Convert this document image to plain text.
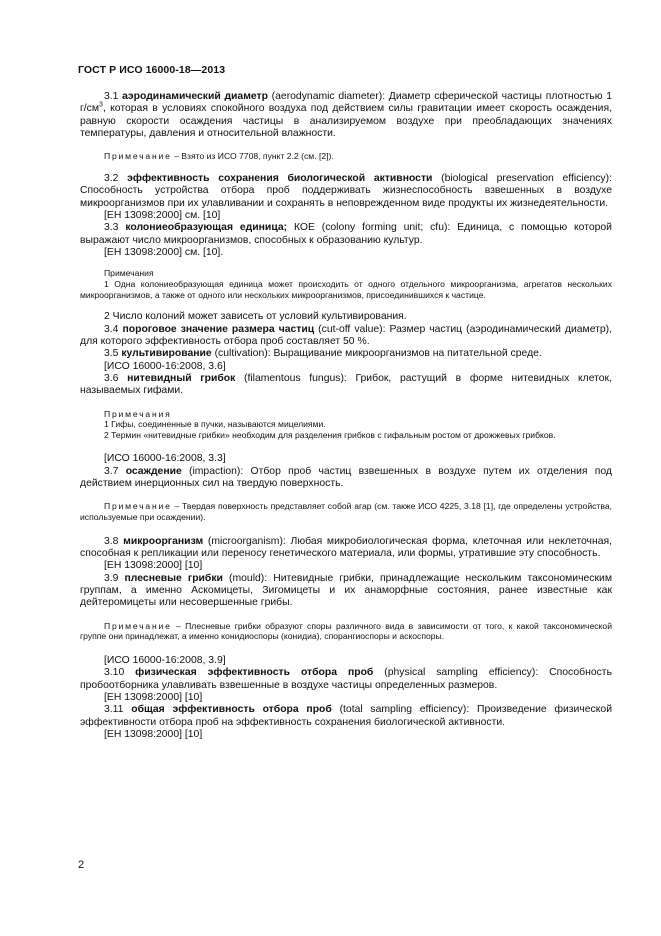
ГОСТ Р ИСО 16000-18—2013

3.1 аэродинамический диаметр (aerodynamic diameter): Диаметр сферической частицы плотностью 1 $г/см^3$, которая в условиях спокойного воздуха под действием силы гравитации имеет скорость осаждения, равную скорости осаждения частицы в анализируемом воздухе при преобладающих значениях температуры, давления и относительной влажности.

Примечание – Взято из ИСО 7708, пункт 2.2 (см. [2]).

3.2 эффективность сохранения биологической активности (biological preservation efficiency): Способность устройства отбора проб поддерживать жизнеспособность взвешенных в воздухе микроорганизмов при их улавливании и сохранять в неповрежденном виде продукты их жизнедеятельности.

[ЕН 13098:2000] см. [10]

3.3 колониеобразующая единица; КОЕ (colony forming unit; cfu): Единица, с помощью которой выражают число микроорганизмов, способных к образованию культур.

[ЕН 13098:2000] см. [10].

Примечания

1 Одна колониеобразующая единица может происходить от одного отдельного микроорганизма, агрегатов нескольких микроорганизмов, а также от одного или нескольких микроорганизмов, присоединившихся к частице.

2 Число колоний может зависеть от условий культивирования.

3.4 пороговое значение размера частиц (cut-off value): Размер частиц (аэродинамический диаметр), для которого эффективность отбора проб составляет 50 %.

3.5 культивирование (cultivation): Выращивание микроорганизмов на питательной среде.

[ИСО 16000-16:2008, 3.6]

3.6 нитевидный грибок (filamentous fungus): Грибок, растущий в форме нитевидных клеток, называемых гифами.

Примечания

1 Гифы, соединенные в пучки, называются мицелиями.

2 Термин «нитевидные грибки» необходим для разделения грибков с гифальным ростом от дрожжевых грибков.

[ИСО 16000-16:2008, 3.3]

3.7 осаждение (impaction): Отбор проб частиц взвешенных в воздухе путем их отделения под действием инерционных сил на твердую поверхность.

Примечание – Твердая поверхность представляет собой агар (см. также ИСО 4225, 3.18 [1], где определены устройства, используемые при осаждении).

3.8 микроорганизм (microorganism): Любая микробиологическая форма, клеточная или неклеточная, способная к репликации или переносу генетического материала, или формы, утратившие эту способность.

[ЕН 13098:2000] [10]

3.9 плесневые грибки (mould): Нитевидные грибки, принадлежащие нескольким таксономическим группам, а именно Аскомицеты, Зигомицеты и их анаморфные состояния, ранее известные как дейтеромицеты или несовершенные грибы.

Примечание – Плесневые грибки образуют споры различного вида в зависимости от того, к какой таксономической группе они принадлежат, а именно конидиоспоры (конидиа), спорангиоспоры и аскоспоры.

[ИСО 16000-16:2008, 3.9]

3.10 физическая эффективность отбора проб (physical sampling efficiency): Способность пробоотборника улавливать взвешенные в воздухе частицы определенных размеров.

[ЕН 13098:2000] [10]

3.11 общая эффективность отбора проб (total sampling efficiency): Произведение физической эффективности отбора проб на эффективность сохранения биологической активности.

[ЕН 13098:2000] [10]

2
